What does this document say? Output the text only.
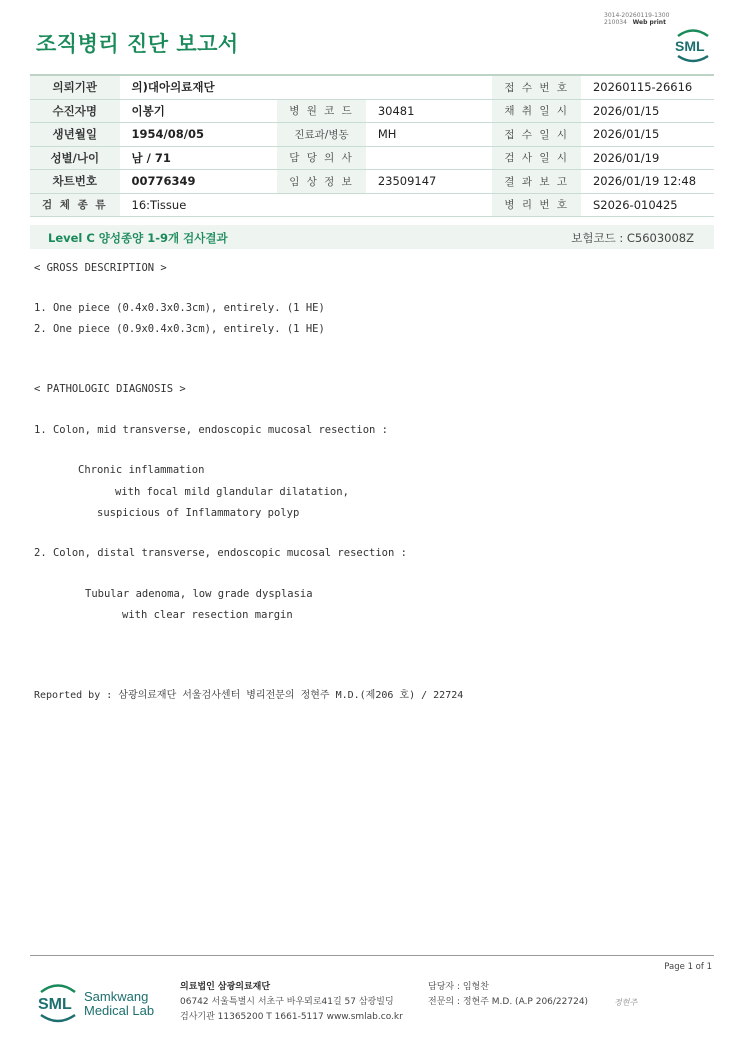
3014-20260119-1300
210034 Web print
조직병리 진단 보고서	SML
의뢰기관	의)대아의료재단			접 수 번 호	20260115-26616
수진자명	이봉기	병 원 코 드	30481	채 취 일 시	2026/01/15
생년월일	1954/08/05	진료과/병동	MH	접 수 일 시	2026/01/15
성별/나이	남 / 71	담 당 의 사		검 사 일 시	2026/01/19
차트번호	00776349	임 상 정 보	23509147	결 과 보 고	2026/01/19 12:48
검 체 종 류	16:Tissue			병 리 번 호	S2026-010425
Level C 양성종양 1-9개 검사결과	보험코드 : C5603008Z
< GROSS DESCRIPTION >
1. One piece (0.4x0.3x0.3cm), entirely. (1 HE)
2. One piece (0.9x0.4x0.3cm), entirely. (1 HE)
< PATHOLOGIC DIAGNOSIS >
1. Colon, mid transverse, endoscopic mucosal resection :
Chronic inflammation
with focal mild glandular dilatation,
suspicious of Inflammatory polyp
2. Colon, distal transverse, endoscopic mucosal resection :
Tubular adenoma, low grade dysplasia
with clear resection margin
Reported by : 삼광의료재단 서울검사센터 병리전문의 정현주 M.D.(제206 호) / 22724
Page 1 of 1
SML Samkwang
Medical Lab
의료법인 삼광의료재단
06742 서울특별시 서초구 바우뫼로41길 57 삼광빌딩
검사기관 11365200 T 1661-5117 www.smlab.co.kr
담당자 : 임형찬
전문의 : 정현주 M.D. (A.P 206/22724)	정현주
